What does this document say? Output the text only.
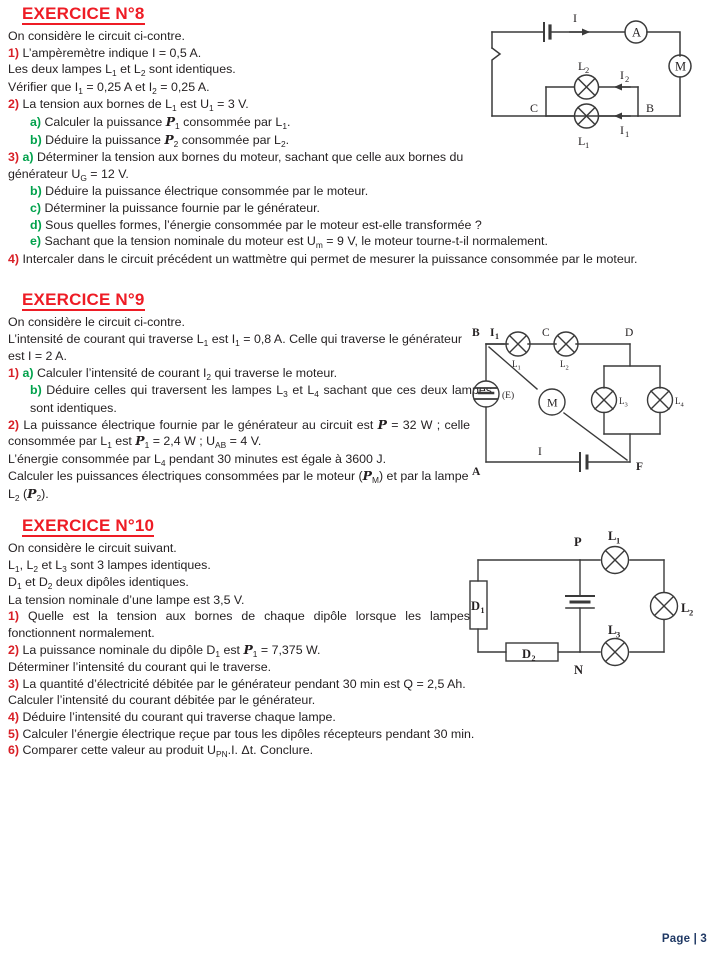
EXERCICE N°8

On considère le circuit ci-contre.

1) L’ampèremètre indique I = 0,5 A.

Les deux lampes $L_1$ et $L_2$ sont identiques.

Vérifier que $I_1 = 0,25$ A et $I_2 = 0,25$ A.

2) La tension aux bornes de $L_1$ est $U_1 = 3$ V.

a) Calculer la puissance $P_1$ consommée par $L_1$.

b) Déduire la puissance $P_2$ consommée par $L_2$.

3) a) Déterminer la tension aux bornes du moteur, sachant que celle aux bornes du générateur $U_G = 12$ V.

b) Déduire la puissance électrique consommée par le moteur.

c) Déterminer la puissance fournie par le générateur.

d) Sous quelles formes, l’énergie consommée par le moteur est-elle transformée ?

e) Sachant que la tension nominale du moteur est $U_m = 9$ V, le moteur tourne-t-il normalement.

4) Intercaler dans le circuit précédent un wattmètre qui permet de mesurer la puissance consommée par le moteur.

EXERCICE N°9

On considère le circuit ci-contre.

L’intensité de courant qui traverse $L_1$ est $I_1 = 0,8$ A. Celle qui traverse le générateur est I = 2 A.

1) a) Calculer l’intensité de courant $I_2$ qui traverse le moteur.

b) Déduire celles qui traversent les lampes $L_3$ et $L_4$ sachant que ces deux lampes sont identiques.

2) La puissance électrique fournie par le générateur au circuit est P = 32 W ; celle consommée par $L_1$ est $P_1 = 2,4$ W ; $U_{AB} = 4$ V.

L’énergie consommée par $L_4$ pendant 30 minutes est égale à 3600 J.

Calculer les puissances électriques consommées par le moteur $(P_M)$ et par la lampe $L_2$ $(P_2)$.

EXERCICE N°10

On considère le circuit suivant.

$L_1$, $L_2$ et $L_3$ sont 3 lampes identiques.

$D_1$ et $D_2$ deux dipôles identiques.

La tension nominale d’une lampe est 3,5 V.

1) Quelle est la tension aux bornes de chaque dipôle lorsque les lampes fonctionnent normalement.

2) La puissance nominale du dipôle $D_1$ est $P_1 = 7,375$ W.

Déterminer l’intensité du courant qui le traverse.

3) La quantité d’électricité débitée par le générateur pendant 30 min est Q = 2,5 Ah.

Calculer l’intensité du courant débitée par le générateur.

4) Déduire l’intensité du courant qui traverse chaque lampe.

5) Calculer l’énergie électrique reçue par tous les dipôles récepteurs pendant 30 min.

6) Comparer cette valeur au produit $U_{PN}.I$. Δt. Conclure.

I
A
M
L 2
L 1
I 2
I 1
C	B
B I 1	C	D
L 1	L 2
L 3	L 4
(E)	M
A	F
I
P
N
L 1
L 2
L 3
D 1
D 2
Page | 3
